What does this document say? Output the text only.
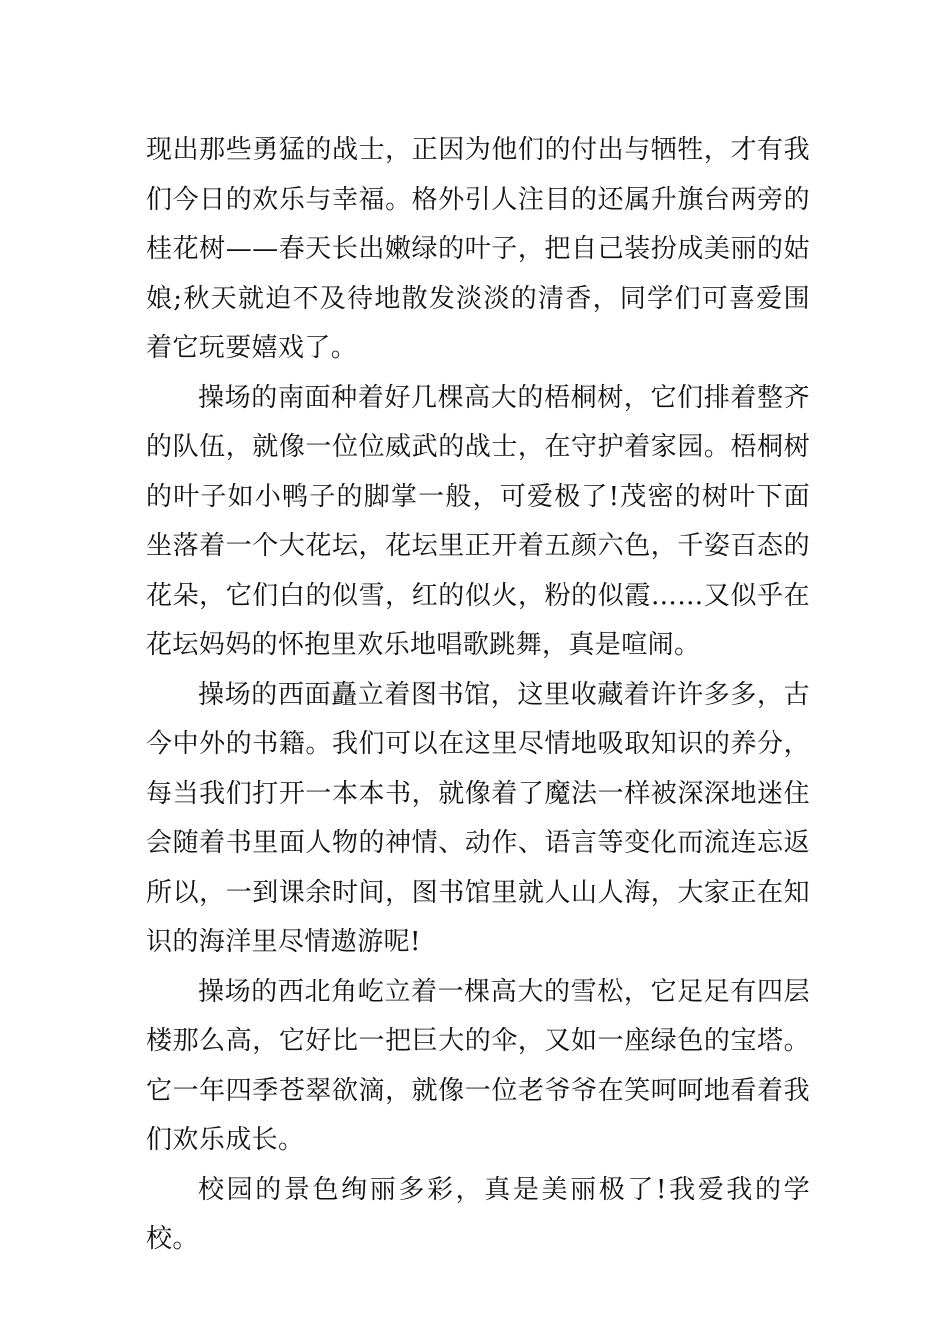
现出那些勇猛的战士，正因为他们的付出与牺牲，才有我们今日的欢乐与幸福。格外引人注目的还属升旗台两旁的桂花树——春天长出嫩绿的叶子，把自己装扮成美丽的姑娘;秋天就迫不及待地散发淡淡的清香，同学们可喜爱围着它玩要嬉戏了。

操场的南面种着好几棵高大的梧桐树，它们排着整齐的队伍，就像一位位威武的战士，在守护着家园。梧桐树的叶子如小鸭子的脚掌一般，可爱极了!茂密的树叶下面坐落着一个大花坛，花坛里正开着五颜六色，千姿百态的花朵，它们白的似雪，红的似火，粉的似霞……又似乎在花坛妈妈的怀抱里欢乐地唱歌跳舞，真是喧闹。

操场的西面矗立着图书馆，这里收藏着许许多多，古今中外的书籍。我们可以在这里尽情地吸取知识的养分，每当我们打开一本本书，就像着了魔法一样被深深地迷住会随着书里面人物的神情、动作、语言等变化而流连忘返所以，一到课余时间，图书馆里就人山人海，大家正在知识的海洋里尽情遨游呢!

操场的西北角屹立着一棵高大的雪松，它足足有四层楼那么高，它好比一把巨大的伞，又如一座绿色的宝塔。它一年四季苍翠欲滴，就像一位老爷爷在笑呵呵地看着我们欢乐成长。

校园的景色绚丽多彩，真是美丽极了!我爱我的学校。
